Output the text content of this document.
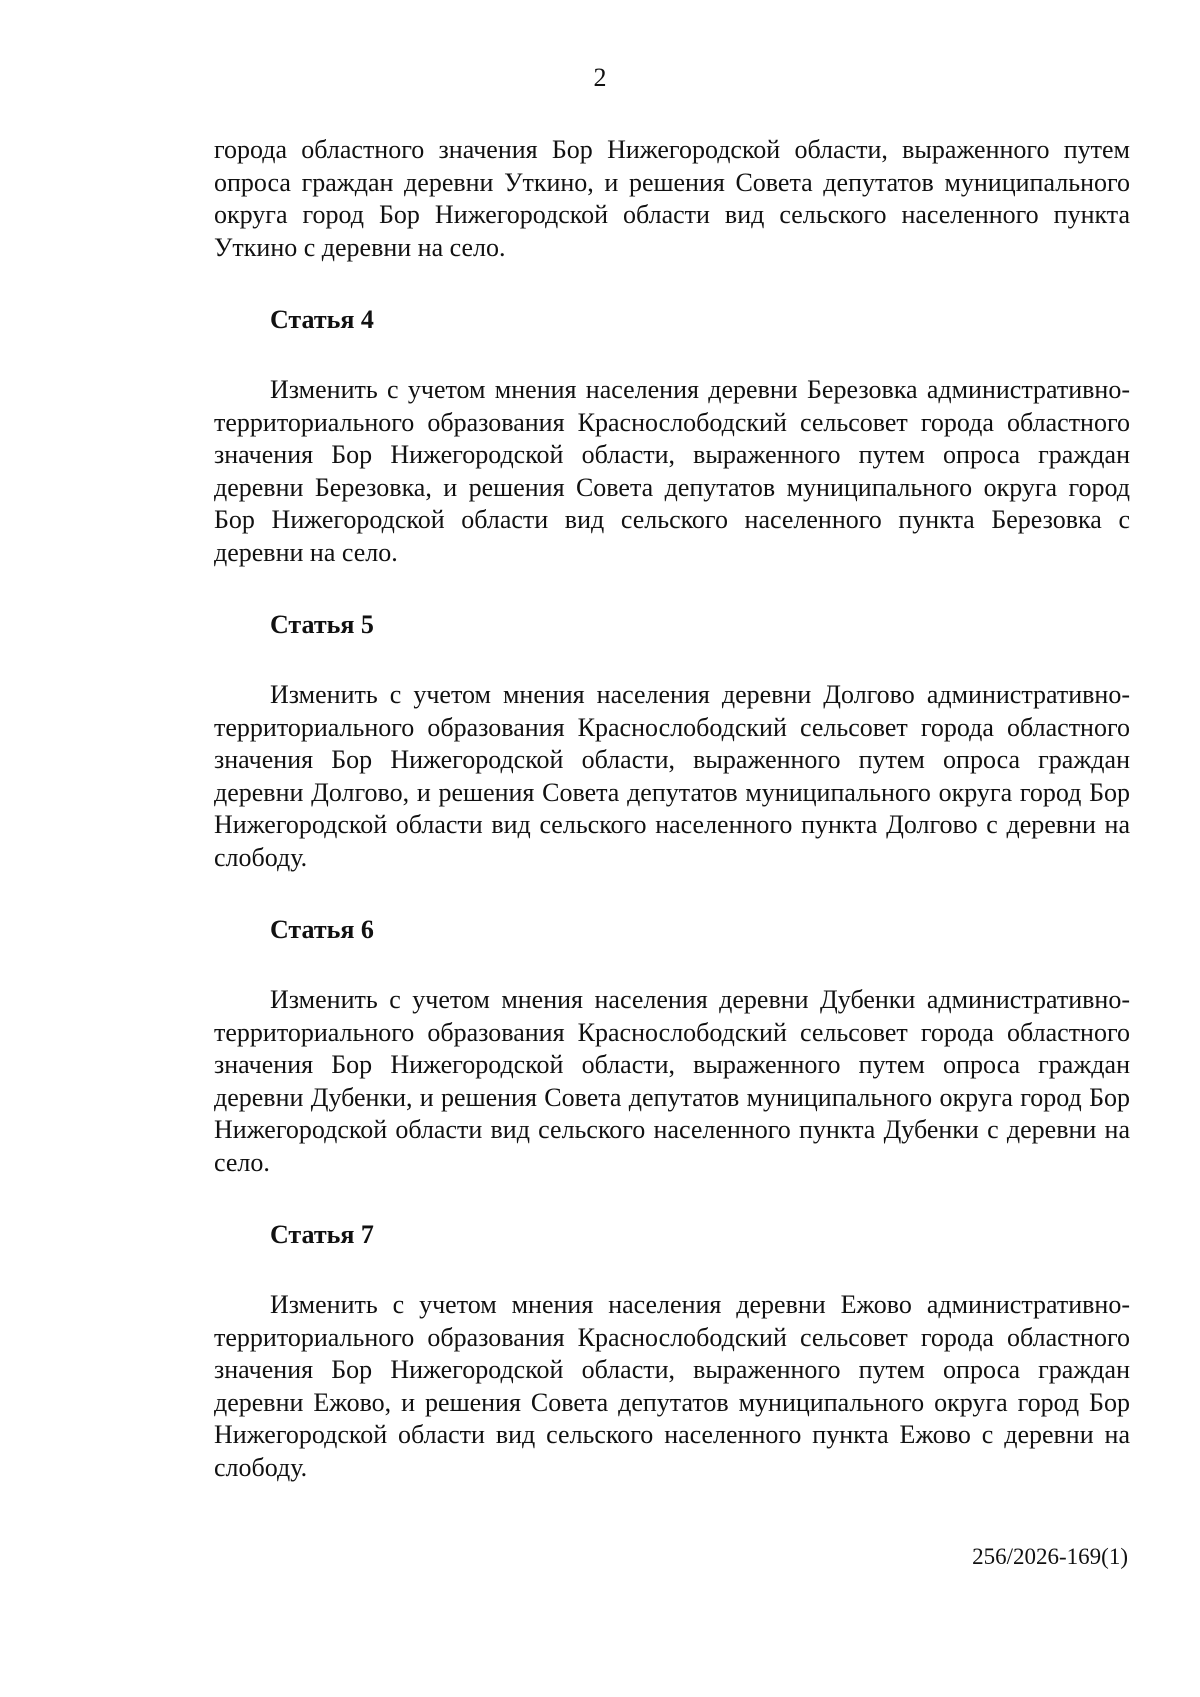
2

города областного значения Бор Нижегородской области, выраженного путем опроса граждан деревни Уткино, и решения Совета депутатов муниципального округа город Бор Нижегородской области вид сельского населенного пункта Уткино с деревни на село.

Статья 4

Изменить с учетом мнения населения деревни Березовка административно-территориального образования Краснослободский сельсовет города областного значения Бор Нижегородской области, выраженного путем опроса граждан деревни Березовка, и решения Совета депутатов муниципального округа город Бор Нижегородской области вид сельского населенного пункта Березовка с деревни на село.

Статья 5

Изменить с учетом мнения населения деревни Долгово административно-территориального образования Краснослободский сельсовет города областного значения Бор Нижегородской области, выраженного путем опроса граждан деревни Долгово, и решения Совета депутатов муниципального округа город Бор Нижегородской области вид сельского населенного пункта Долгово с деревни на слободу.

Статья 6

Изменить с учетом мнения населения деревни Дубенки административно-территориального образования Краснослободский сельсовет города областного значения Бор Нижегородской области, выраженного путем опроса граждан деревни Дубенки, и решения Совета депутатов муниципального округа город Бор Нижегородской области вид сельского населенного пункта Дубенки с деревни на село.

Статья 7

Изменить с учетом мнения населения деревни Ежово административно-территориального образования Краснослободский сельсовет города областного значения Бор Нижегородской области, выраженного путем опроса граждан деревни Ежово, и решения Совета депутатов муниципального округа город Бор Нижегородской области вид сельского населенного пункта Ежово с деревни на слободу.

256/2026-169(1)
